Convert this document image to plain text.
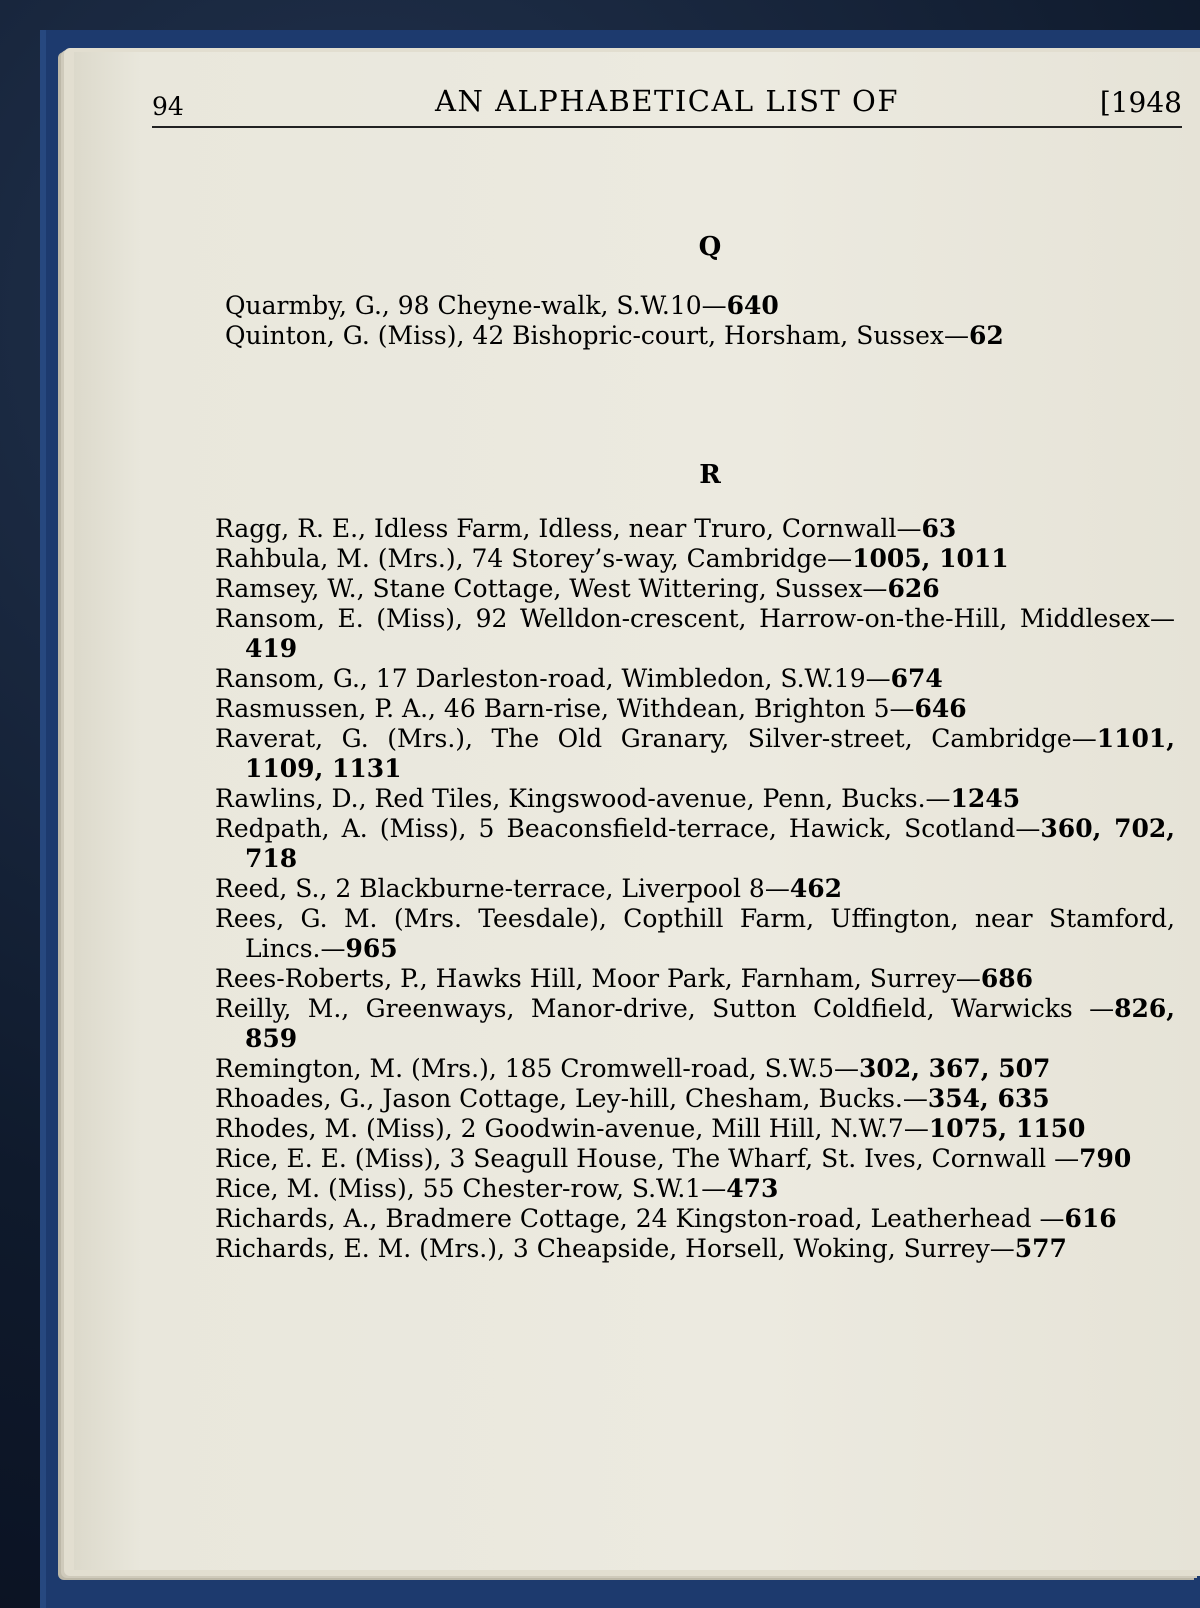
94	AN ALPHABETICAL LIST OF	[1948
Q

Quarmby, G., 98 Cheyne-walk, S.W.10—640

Quinton, G. (Miss), 42 Bishopric-court, Horsham, Sussex—62

R

Ragg, R. E., Idless Farm, Idless, near Truro, Cornwall—63

Rahbula, M. (Mrs.), 74 Storey’s-way, Cambridge—1005, 1011

Ramsey, W., Stane Cottage, West Wittering, Sussex—626

Ransom, E. (Miss), 92 Welldon-crescent, Harrow-on-the-Hill, Middlesex—419

Ransom, G., 17 Darleston-road, Wimbledon, S.W.19—674

Rasmussen, P. A., 46 Barn-rise, Withdean, Brighton 5—646

Raverat, G. (Mrs.), The Old Granary, Silver-street, Cambridge—1101, 1109, 1131

Rawlins, D., Red Tiles, Kingswood-avenue, Penn, Bucks.—1245

Redpath, A. (Miss), 5 Beaconsfield-terrace, Hawick, Scotland—360, 702, 718

Reed, S., 2 Blackburne-terrace, Liverpool 8—462

Rees, G. M. (Mrs. Teesdale), Copthill Farm, Uffington, near Stamford, Lincs.—965

Rees-Roberts, P., Hawks Hill, Moor Park, Farnham, Surrey—686

Reilly, M., Greenways, Manor-drive, Sutton Coldfield, Warwicks —826, 859

Remington, M. (Mrs.), 185 Cromwell-road, S.W.5—302, 367, 507

Rhoades, G., Jason Cottage, Ley-hill, Chesham, Bucks.—354, 635

Rhodes, M. (Miss), 2 Goodwin-avenue, Mill Hill, N.W.7—1075, 1150

Rice, E. E. (Miss), 3 Seagull House, The Wharf, St. Ives, Cornwall —790

Rice, M. (Miss), 55 Chester-row, S.W.1—473

Richards, A., Bradmere Cottage, 24 Kingston-road, Leatherhead —616

Richards, E. M. (Mrs.), 3 Cheapside, Horsell, Woking, Surrey—577
